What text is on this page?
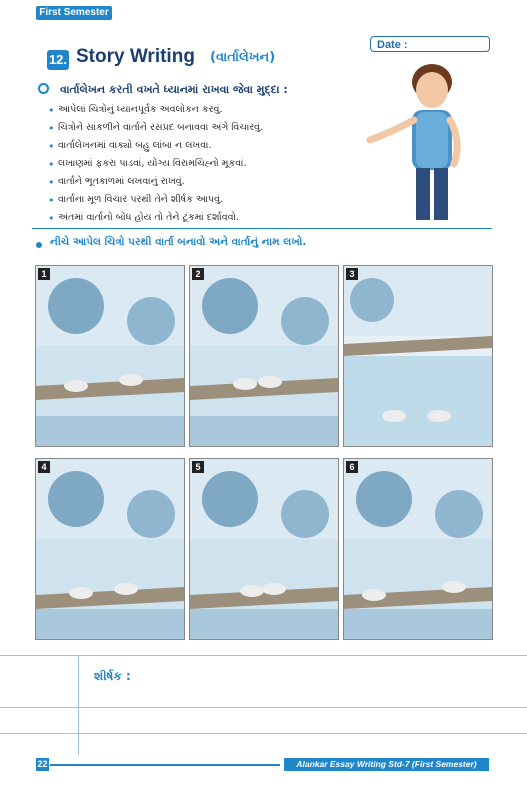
First Semester
Date :
12. Story Writing (વાર્તાલેખન)
વાર્તાલેખન કરતી વખતે ધ્યાનમાં રાખવા જેવા મુદ્દા :
• આપેલાં ચિત્રોનું ધ્યાનપૂર્વક અવલોકન કરવું.
• ચિત્રોને સાંકળીને વાર્તાને રસપ્રદ બનાવવા અંગે વિચારવું.
• વાર્તાલેખનમાં વાક્યો બહુ લાંબા ન લખવા.
• લખાણમાં ફકરા પાડવાં, યોગ્ય વિરામચિહ્નો મૂકવાં.
• વાર્તાને ભૂતકાળમાં લખવાનું રાખવું.
• વાર્તાના મૂળ વિચાર પરથી તેને શીર્ષક આપવું.
• અંતમાં વાર્તાનો બોધ હોય તો તેને ટૂંકમાં દર્શાવવો.
નીચે આપેલ ચિત્રો પરથી વાર્તા બનાવો અને વાર્તાનું નામ લખો.
1	2	3
4	5	6
શીર્ષક :
22	Alankar Essay Writing Std-7 (First Semester)
